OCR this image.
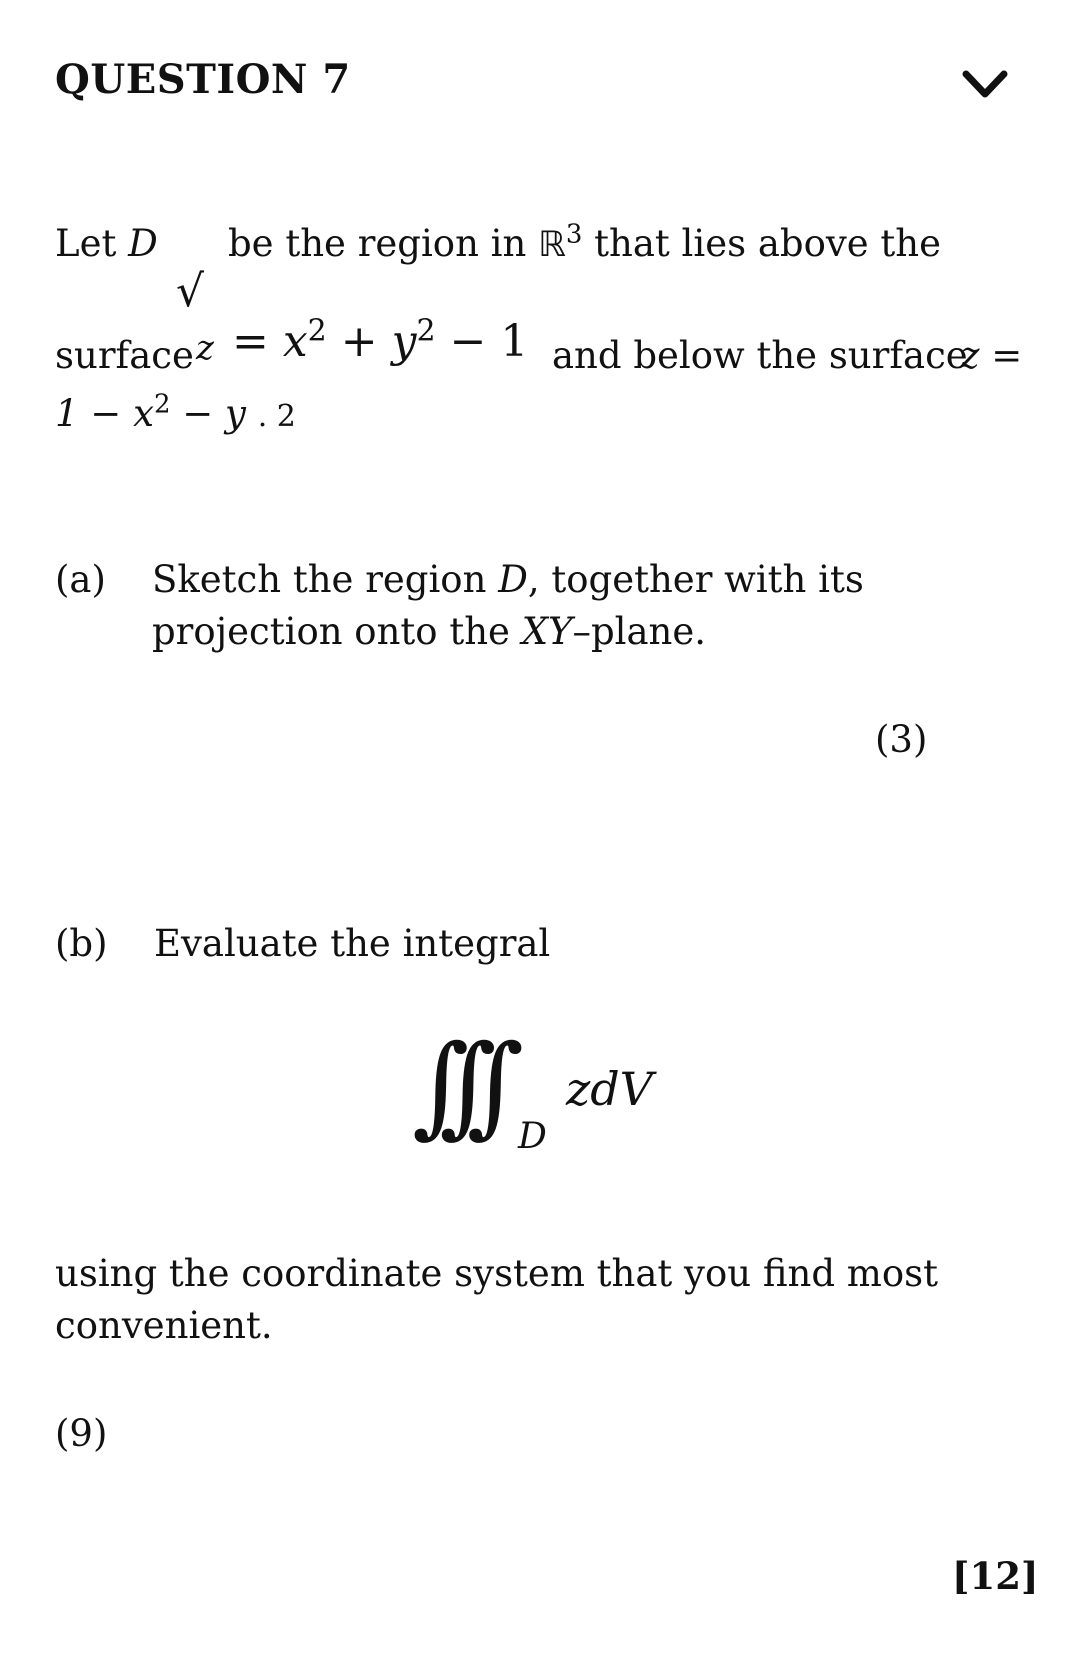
QUESTION 7
Let D be the region in ℝ$^3$ that lies above the
√
surface $z = x^2 + y^2 - 1$ and below the surface
z =
$1 - x^2 - y$ . 2
(a) Sketch the region D, together with its
projection onto the XY–plane.
(3)
(b) Evaluate the integral
∫∫∫ D
zdV
using the coordinate system that you find most
convenient.
(9)
[12]
